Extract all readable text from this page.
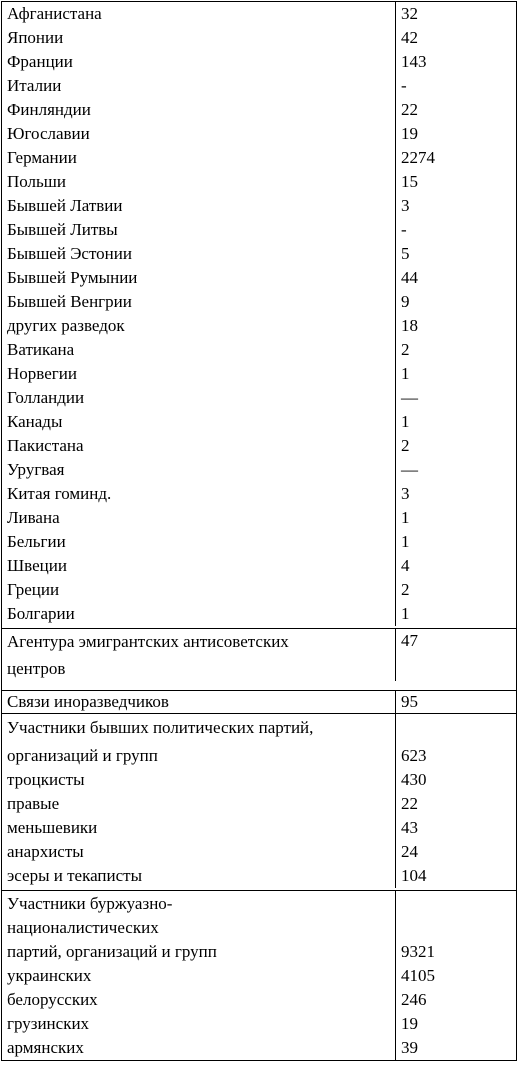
Афганистана
Японии
Франции
Италии
Финляндии
Югославии
Германии
Польши
Бывшей Латвии
Бывшей Литвы
Бывшей Эстонии
Бывшей Румынии
Бывшей Венгрии
других разведок
Ватикана
Норвегии
Голландии
Канады
Пакистана
Уругвая
Китая гоминд.
Ливана
Бельгии
Швеции
Греции
Болгарии
32
42
143
-
22
19
2274
15
3
-
5
44
9
18
2
1
—
1
2
—
3
1
1
4
2
1
Агентура эмигрантских антисоветских
центров
47
Связи иноразведчиков	95
Участники бывших политических партий,
организаций и групп
троцкисты
правые
меньшевики
анархисты
эсеры и текаписты
623
430
22
43
24
104
Участники буржуазно-
националистических
партий, организаций и групп
украинских
белорусских
грузинских
армянских
9321
4105
246
19
39
